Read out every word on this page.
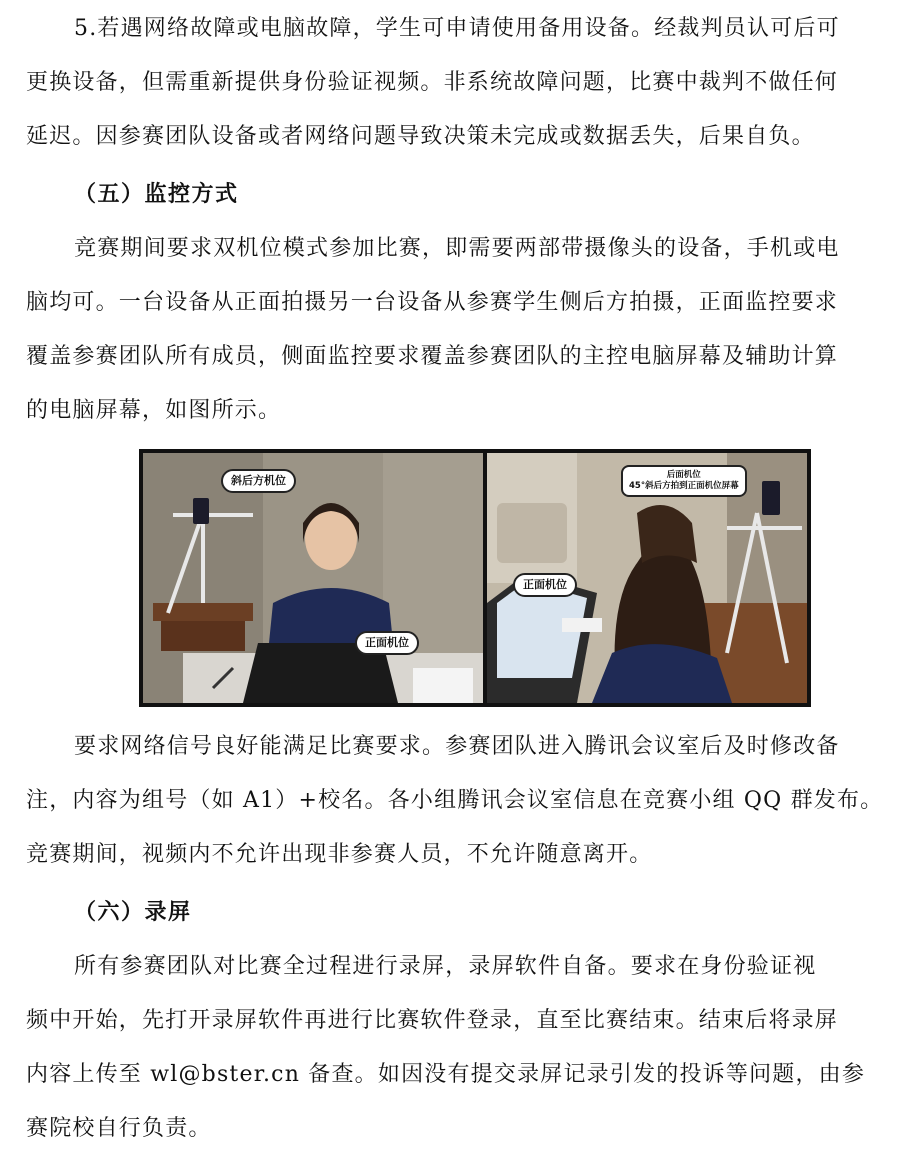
5.若遇网络故障或电脑故障，学生可申请使用备用设备。经裁判员认可后可
更换设备，但需重新提供身份验证视频。非系统故障问题，比赛中裁判不做任何
延迟。因参赛团队设备或者网络问题导致决策未完成或数据丢失，后果自负。
（五）监控方式
竞赛期间要求双机位模式参加比赛，即需要两部带摄像头的设备，手机或电
脑均可。一台设备从正面拍摄另一台设备从参赛学生侧后方拍摄，正面监控要求
覆盖参赛团队所有成员，侧面监控要求覆盖参赛团队的主控电脑屏幕及辅助计算
的电脑屏幕，如图所示。
斜后方机位
正面机位
后面机位
45°斜后方拍到正面机位屏幕
正面机位
要求网络信号良好能满足比赛要求。参赛团队进入腾讯会议室后及时修改备
注，内容为组号（如 A1）+校名。各小组腾讯会议室信息在竞赛小组 QQ 群发布。
竞赛期间，视频内不允许出现非参赛人员，不允许随意离开。
（六）录屏
所有参赛团队对比赛全过程进行录屏，录屏软件自备。要求在身份验证视
频中开始，先打开录屏软件再进行比赛软件登录，直至比赛结束。结束后将录屏
内容上传至 wl@bster.cn 备查。如因没有提交录屏记录引发的投诉等问题，由参
赛院校自行负责。
